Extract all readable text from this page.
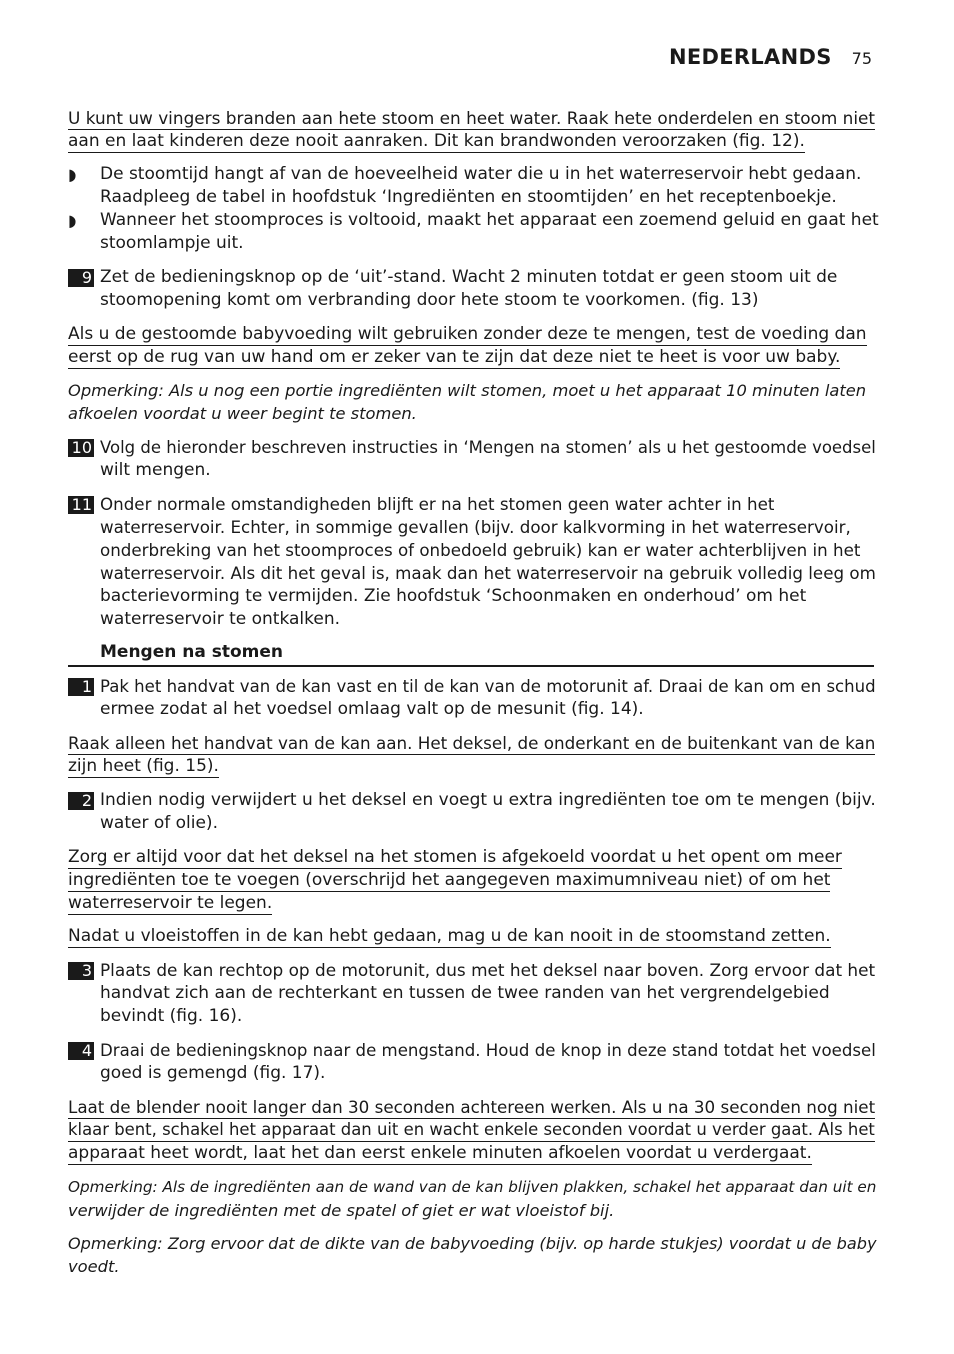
NEDERLANDS 75
U kunt uw vingers branden aan hete stoom en heet water. Raak hete onderdelen en stoom niet
aan en laat kinderen deze nooit aanraken. Dit kan brandwonden veroorzaken (fig. 12).
◗	De stoomtijd hangt af van de hoeveelheid water die u in het waterreservoir hebt gedaan.
Raadpleeg de tabel in hoofdstuk ‘Ingrediënten en stoomtijden’ en het receptenboekje.
◗	Wanneer het stoomproces is voltooid, maakt het apparaat een zoemend geluid en gaat het
stoomlampje uit.
9 Zet de bedieningsknop op de ‘uit’-stand. Wacht 2 minuten totdat er geen stoom uit de
stoomopening komt om verbranding door hete stoom te voorkomen. (fig. 13)
Als u de gestoomde babyvoeding wilt gebruiken zonder deze te mengen, test de voeding dan
eerst op de rug van uw hand om er zeker van te zijn dat deze niet te heet is voor uw baby.
Opmerking: Als u nog een portie ingrediënten wilt stomen, moet u het apparaat 10 minuten laten
afkoelen voordat u weer begint te stomen.
10 Volg de hieronder beschreven instructies in ‘Mengen na stomen’ als u het gestoomde voedsel
wilt mengen.
11 Onder normale omstandigheden blijft er na het stomen geen water achter in het
waterreservoir. Echter, in sommige gevallen (bijv. door kalkvorming in het waterreservoir,
onderbreking van het stoomproces of onbedoeld gebruik) kan er water achterblijven in het
waterreservoir. Als dit het geval is, maak dan het waterreservoir na gebruik volledig leeg om
bacterievorming te vermijden. Zie hoofdstuk ‘Schoonmaken en onderhoud’ om het
waterreservoir te ontkalken.
Mengen na stomen
1 Pak het handvat van de kan vast en til de kan van de motorunit af. Draai de kan om en schud
ermee zodat al het voedsel omlaag valt op de mesunit (fig. 14).
Raak alleen het handvat van de kan aan. Het deksel, de onderkant en de buitenkant van de kan
zijn heet (fig. 15).
2 Indien nodig verwijdert u het deksel en voegt u extra ingrediënten toe om te mengen (bijv.
water of olie).
Zorg er altijd voor dat het deksel na het stomen is afgekoeld voordat u het opent om meer
ingrediënten toe te voegen (overschrijd het aangegeven maximumniveau niet) of om het
waterreservoir te legen.
Nadat u vloeistoffen in de kan hebt gedaan, mag u de kan nooit in de stoomstand zetten.
3 Plaats de kan rechtop op de motorunit, dus met het deksel naar boven. Zorg ervoor dat het
handvat zich aan de rechterkant en tussen de twee randen van het vergrendelgebied
bevindt (fig. 16).
4 Draai de bedieningsknop naar de mengstand. Houd de knop in deze stand totdat het voedsel
goed is gemengd (fig. 17).
Laat de blender nooit langer dan 30 seconden achtereen werken. Als u na 30 seconden nog niet
klaar bent, schakel het apparaat dan uit en wacht enkele seconden voordat u verder gaat. Als het
apparaat heet wordt, laat het dan eerst enkele minuten afkoelen voordat u verdergaat.
Opmerking: Als de ingrediënten aan de wand van de kan blijven plakken, schakel het apparaat dan uit en
verwijder de ingrediënten met de spatel of giet er wat vloeistof bij.
Opmerking: Zorg ervoor dat de dikte van de babyvoeding (bijv. op harde stukjes) voordat u de baby
voedt.
